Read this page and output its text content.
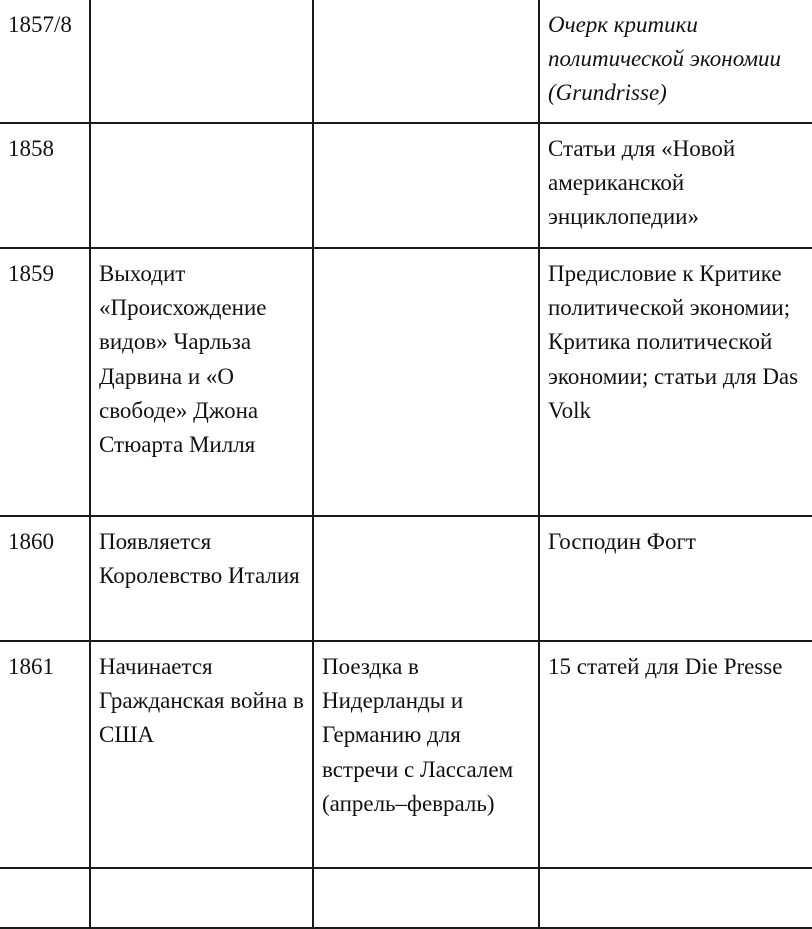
1857/8			Очерк критики политической экономии (Grundrisse)
1858			Статьи для «Новой американской энциклопедии»
1859	Выходит «Происхождение видов» Чарльза Дарвина и «О свободе» Джона Стюарта Милля		Предисловие к Критике политической экономии; Критика политической экономии; статьи для Das Volk
1860	Появляется Королевство Италия		Господин Фогт
1861	Начинается Гражданская война в США	Поездка в Нидерланды и Германию для встречи с Лассалем (апрель–февраль)	15 статей для Die Presse
